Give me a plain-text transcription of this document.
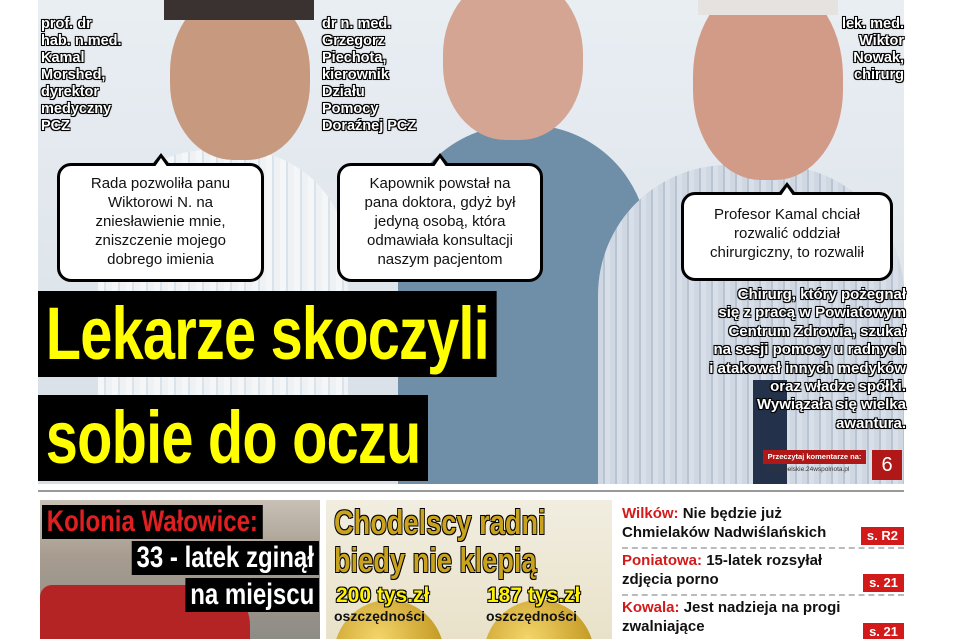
prof. dr
hab. n.med.
Kamal
Morshed,
dyrektor
medyczny
PCZ
dr n. med.
Grzegorz
Piechota,
kierownik
Działu
Pomocy
Doraźnej PCZ
lek. med.
Wiktor
Nowak,
chirurg
Rada pozwoliła panu
Wiktorowi N. na
zniesławienie mnie,
zniszczenie mojego
dobrego imienia
Kapownik powstał na
pana doktora, gdyż był
jedyną osobą, która
odmawiała konsultacji
naszym pacjentom
Profesor Kamal chciał
rozwalić oddział
chirurgiczny, to rozwalił
Lekarze skoczyli
sobie do oczu
Chirurg, który pożegnał
się z pracą w Powiatowym
Centrum Zdrowia, szukał
na sesji pomocy u radnych
i atakował innych medyków
oraz władze spółki.
Wywiązała się wielka
awantura.
Przeczytaj komentarze na:
opolelubelskie.24wspolnota.pl	6
Kolonia Wałowice:
33 - latek zginął
na miejscu
Chodelscy radni
biedy nie klepią
200 tys.zł	187 tys.zł
oszczędności	oszczędności
Wilków: Nie będzie już Chmielaków Nadwiślańskich	s. R2
Poniatowa: 15-latek rozsyłał zdjęcia porno	s. 21
Kowala: Jest nadzieja na progi zwalniające	s. 21
